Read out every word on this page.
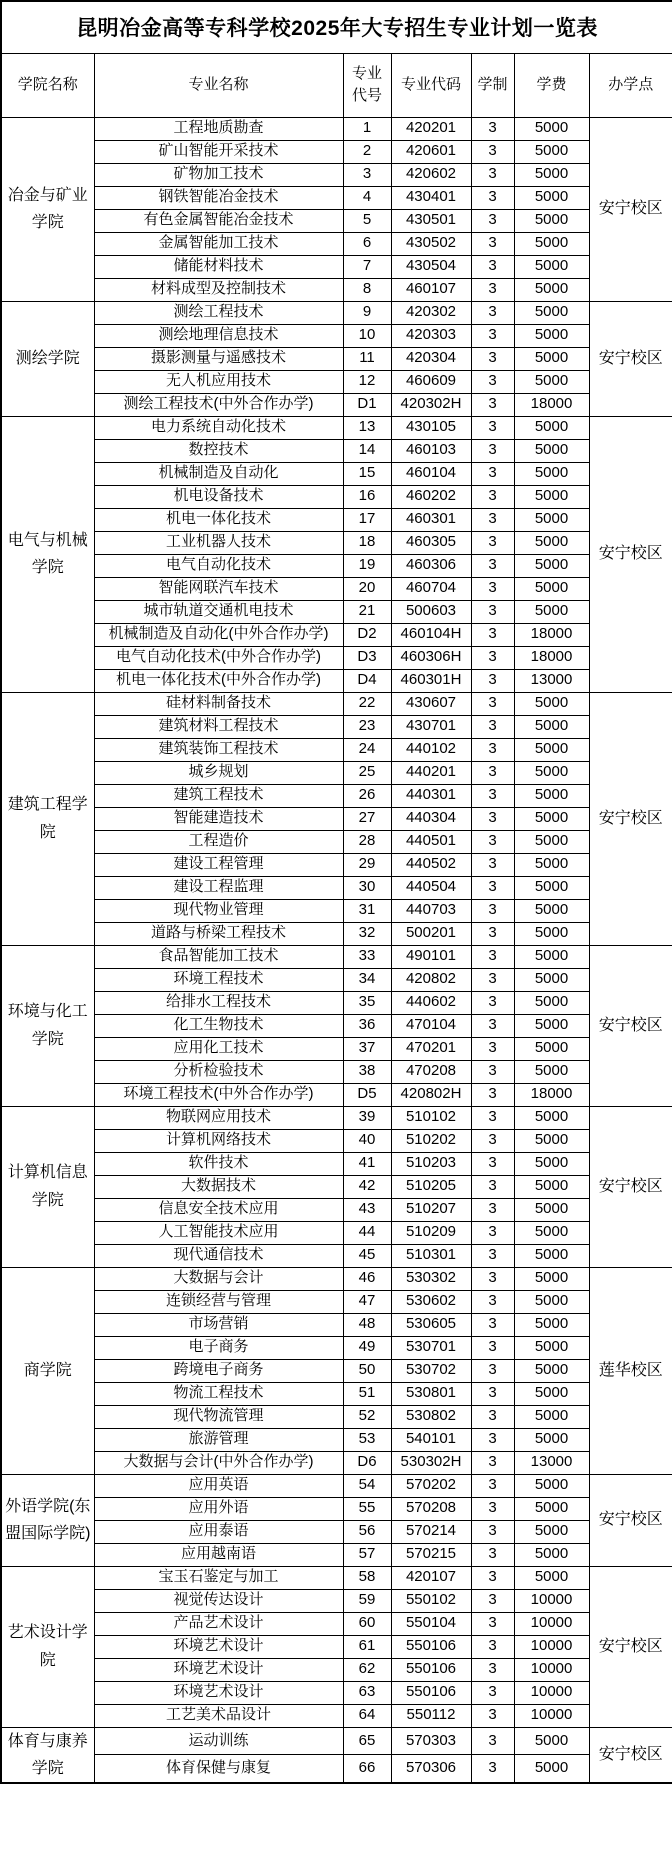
昆明冶金高等专科学校2025年大专招生专业计划一览表						
学院名称	专业名称	专业代号	专业代码	学制	学费	办学点
冶金与矿业学院	工程地质勘查	1	420201	3	5000	安宁校区
	矿山智能开采技术	2	420601	3	5000	
	矿物加工技术	3	420602	3	5000	
	钢铁智能冶金技术	4	430401	3	5000	
	有色金属智能冶金技术	5	430501	3	5000	
	金属智能加工技术	6	430502	3	5000	
	储能材料技术	7	430504	3	5000	
	材料成型及控制技术	8	460107	3	5000	
测绘学院	测绘工程技术	9	420302	3	5000	安宁校区
	测绘地理信息技术	10	420303	3	5000	
	摄影测量与遥感技术	11	420304	3	5000	
	无人机应用技术	12	460609	3	5000	
	测绘工程技术(中外合作办学)	D1	420302H	3	18000	
电气与机械学院	电力系统自动化技术	13	430105	3	5000	安宁校区
	数控技术	14	460103	3	5000	
	机械制造及自动化	15	460104	3	5000	
	机电设备技术	16	460202	3	5000	
	机电一体化技术	17	460301	3	5000	
	工业机器人技术	18	460305	3	5000	
	电气自动化技术	19	460306	3	5000	
	智能网联汽车技术	20	460704	3	5000	
	城市轨道交通机电技术	21	500603	3	5000	
	机械制造及自动化(中外合作办学)	D2	460104H	3	18000	
	电气自动化技术(中外合作办学)	D3	460306H	3	18000	
	机电一体化技术(中外合作办学)	D4	460301H	3	13000	
建筑工程学院	硅材料制备技术	22	430607	3	5000	安宁校区
	建筑材料工程技术	23	430701	3	5000	
	建筑装饰工程技术	24	440102	3	5000	
	城乡规划	25	440201	3	5000	
	建筑工程技术	26	440301	3	5000	
	智能建造技术	27	440304	3	5000	
	工程造价	28	440501	3	5000	
	建设工程管理	29	440502	3	5000	
	建设工程监理	30	440504	3	5000	
	现代物业管理	31	440703	3	5000	
	道路与桥梁工程技术	32	500201	3	5000	
环境与化工学院	食品智能加工技术	33	490101	3	5000	安宁校区
	环境工程技术	34	420802	3	5000	
	给排水工程技术	35	440602	3	5000	
	化工生物技术	36	470104	3	5000	
	应用化工技术	37	470201	3	5000	
	分析检验技术	38	470208	3	5000	
	环境工程技术(中外合作办学)	D5	420802H	3	18000	
计算机信息学院	物联网应用技术	39	510102	3	5000	安宁校区
	计算机网络技术	40	510202	3	5000	
	软件技术	41	510203	3	5000	
	大数据技术	42	510205	3	5000	
	信息安全技术应用	43	510207	3	5000	
	人工智能技术应用	44	510209	3	5000	
	现代通信技术	45	510301	3	5000	
商学院	大数据与会计	46	530302	3	5000	莲华校区
	连锁经营与管理	47	530602	3	5000	
	市场营销	48	530605	3	5000	
	电子商务	49	530701	3	5000	
	跨境电子商务	50	530702	3	5000	
	物流工程技术	51	530801	3	5000	
	现代物流管理	52	530802	3	5000	
	旅游管理	53	540101	3	5000	
	大数据与会计(中外合作办学)	D6	530302H	3	13000	
外语学院(东盟国际学院)	应用英语	54	570202	3	5000	安宁校区
	应用外语	55	570208	3	5000	
	应用泰语	56	570214	3	5000	
	应用越南语	57	570215	3	5000	
艺术设计学院	宝玉石鉴定与加工	58	420107	3	5000	安宁校区
	视觉传达设计	59	550102	3	10000	
	产品艺术设计	60	550104	3	10000	
	环境艺术设计	61	550106	3	10000	
	环境艺术设计	62	550106	3	10000	
	环境艺术设计	63	550106	3	10000	
	工艺美术品设计	64	550112	3	10000	
体育与康养学院	运动训练	65	570303	3	5000	安宁校区
	体育保健与康复	66	570306	3	5000	
